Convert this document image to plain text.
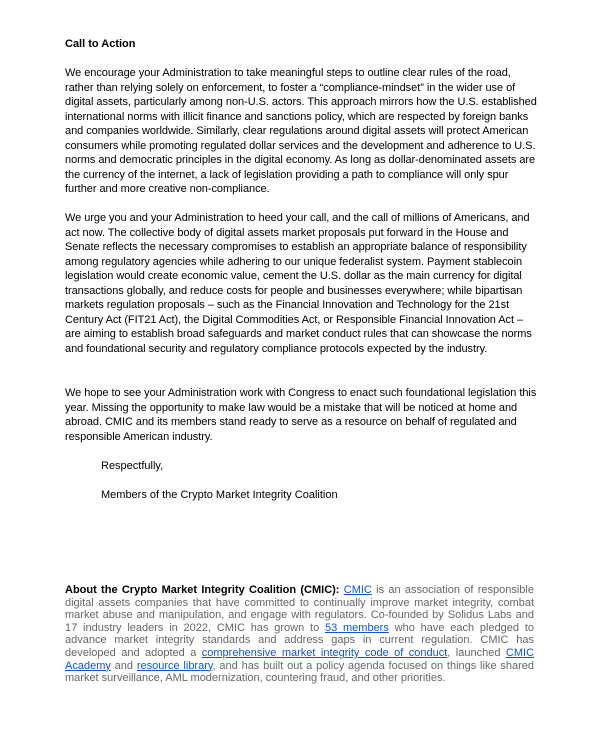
Call to Action

We encourage your Administration to take meaningful steps to outline clear rules of the road, rather than relying solely on enforcement, to foster a “compliance-mindset” in the wider use of digital assets, particularly among non-U.S. actors. This approach mirrors how the U.S. established international norms with illicit finance and sanctions policy, which are respected by foreign banks and companies worldwide. Similarly, clear regulations around digital assets will protect American consumers while promoting regulated dollar services and the development and adherence to U.S. norms and democratic principles in the digital economy. As long as dollar-denominated assets are the currency of the internet, a lack of legislation providing a path to compliance will only spur further and more creative non-compliance.

We urge you and your Administration to heed your call, and the call of millions of Americans, and act now. The collective body of digital assets market proposals put forward in the House and Senate reflects the necessary compromises to establish an appropriate balance of responsibility among regulatory agencies while adhering to our unique federalist system. Payment stablecoin legislation would create economic value, cement the U.S. dollar as the main currency for digital transactions globally, and reduce costs for people and businesses everywhere; while bipartisan markets regulation proposals – such as the Financial Innovation and Technology for the 21st Century Act (FIT21 Act), the Digital Commodities Act, or Responsible Financial Innovation Act – are aiming to establish broad safeguards and market conduct rules that can showcase the norms and foundational security and regulatory compliance protocols expected by the industry.

We hope to see your Administration work with Congress to enact such foundational legislation this year. Missing the opportunity to make law would be a mistake that will be noticed at home and abroad. CMIC and its members stand ready to serve as a resource on behalf of regulated and responsible American industry.

Respectfully,

Members of the Crypto Market Integrity Coalition

About the Crypto Market Integrity Coalition (CMIC): CMIC is an association of responsible digital assets companies that have committed to continually improve market integrity, combat market abuse and manipulation, and engage with regulators. Co-founded by Solidus Labs and 17 industry leaders in 2022, CMIC has grown to 53 members who have each pledged to advance market integrity standards and address gaps in current regulation. CMIC has developed and adopted a comprehensive market integrity code of conduct, launched CMIC Academy and resource library, and has built out a policy agenda focused on things like shared market surveillance, AML modernization, countering fraud, and other priorities.
